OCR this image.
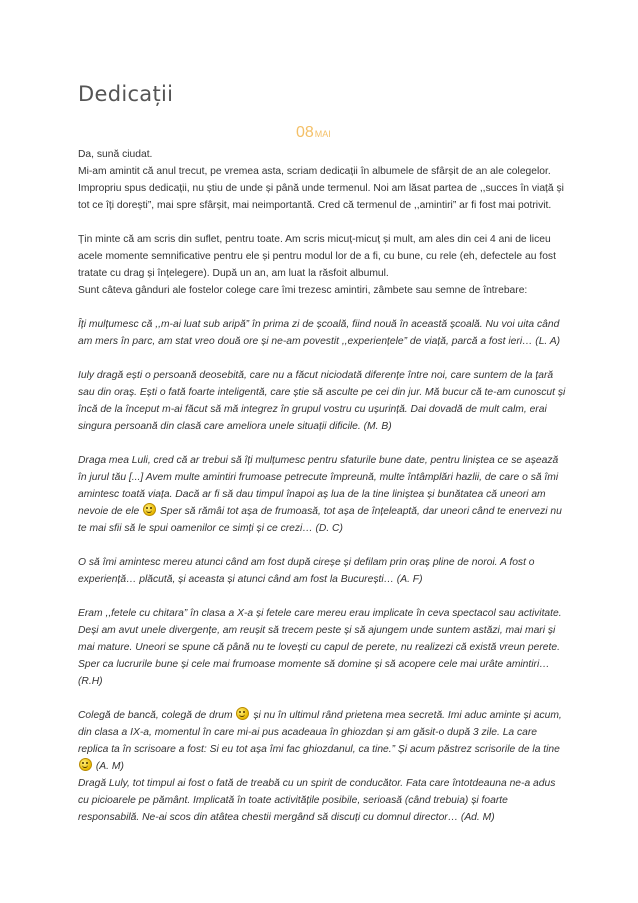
Dedicații
08MAI

Da, sună ciudat.

Mi-am amintit că anul trecut, pe vremea asta, scriam dedicații în albumele de sfârșit de an ale colegelor. Impropriu spus dedicații, nu știu de unde și până unde termenul. Noi am lăsat partea de ,,succes în viață și tot ce îți dorești”, mai spre sfârșit, mai neimportantă. Cred că termenul de ,,amintiri” ar fi fost mai potrivit.

Țin minte că am scris din suflet, pentru toate. Am scris micuț-micuț și mult, am ales din cei 4 ani de liceu acele momente semnificative pentru ele și pentru modul lor de a fi, cu bune, cu rele (eh, defectele au fost tratate cu drag și înțelegere). După un an, am luat la răsfoit albumul.

Sunt câteva gânduri ale fostelor colege care îmi trezesc amintiri, zâmbete sau semne de întrebare:

Îți mulțumesc că ,,m-ai luat sub aripă” în prima zi de școală, fiind nouă în această școală. Nu voi uita când am mers în parc, am stat vreo două ore și ne-am povestit ,,experiențele” de viață, parcă a fost ieri… (L. A)

Iuly dragă ești o persoană deosebită, care nu a făcut niciodată diferențe între noi, care suntem de la țară sau din oraș. Ești o fată foarte inteligentă, care știe să asculte pe cei din jur. Mă bucur că te-am cunoscut și încă de la început m-ai făcut să mă integrez în grupul vostru cu ușurință. Dai dovadă de mult calm, erai singura persoană din clasă care ameliora unele situații dificile. (M. B)

Draga mea Luli, cred că ar trebui să îți mulțumesc pentru sfaturile bune date, pentru liniștea ce se așează în jurul tău [...] Avem multe amintiri frumoase petrecute împreună, multe întâmplări hazlii, de care o să îmi amintesc toată viața. Dacă ar fi să dau timpul înapoi aș lua de la tine liniștea și bunătatea că uneori am nevoie de ele Sper să rămâi tot așa de frumoasă, tot așa de înțeleaptă, dar uneori când te enervezi nu te mai sfii să le spui oamenilor ce simți și ce crezi… (D. C)

O să îmi amintesc mereu atunci când am fost după cireșe și defilam prin oraș pline de noroi. A fost o experiență… plăcută, și aceasta și atunci când am fost la București… (A. F)

Eram ,,fetele cu chitara” în clasa a X-a și fetele care mereu erau implicate în ceva spectacol sau activitate. Deși am avut unele divergențe, am reușit să trecem peste și să ajungem unde suntem astăzi, mai mari și mai mature. Uneori se spune că până nu te lovești cu capul de perete, nu realizezi că există vreun perete. Sper ca lucrurile bune și cele mai frumoase momente să domine și să acopere cele mai urâte amintiri… (R.H)

Colegă de bancă, colegă de drum și nu în ultimul rând prietena mea secretă. Imi aduc aminte și acum, din clasa a IX-a, momentul în care mi-ai pus acadeaua în ghiozdan și am găsit-o după 3 zile. La care replica ta în scrisoare a fost: Si eu tot așa îmi fac ghiozdanul, ca tine.” Și acum păstrez scrisorile de la tine  (A. M)

Dragă Luly, tot timpul ai fost o fată de treabă cu un spirit de conducător. Fata care întotdeauna ne-a adus cu picioarele pe pământ. Implicată în toate activitățile posibile, serioasă (când trebuia) și foarte responsabilă. Ne-ai scos din atâtea chestii mergând să discuți cu domnul director… (Ad. M)
